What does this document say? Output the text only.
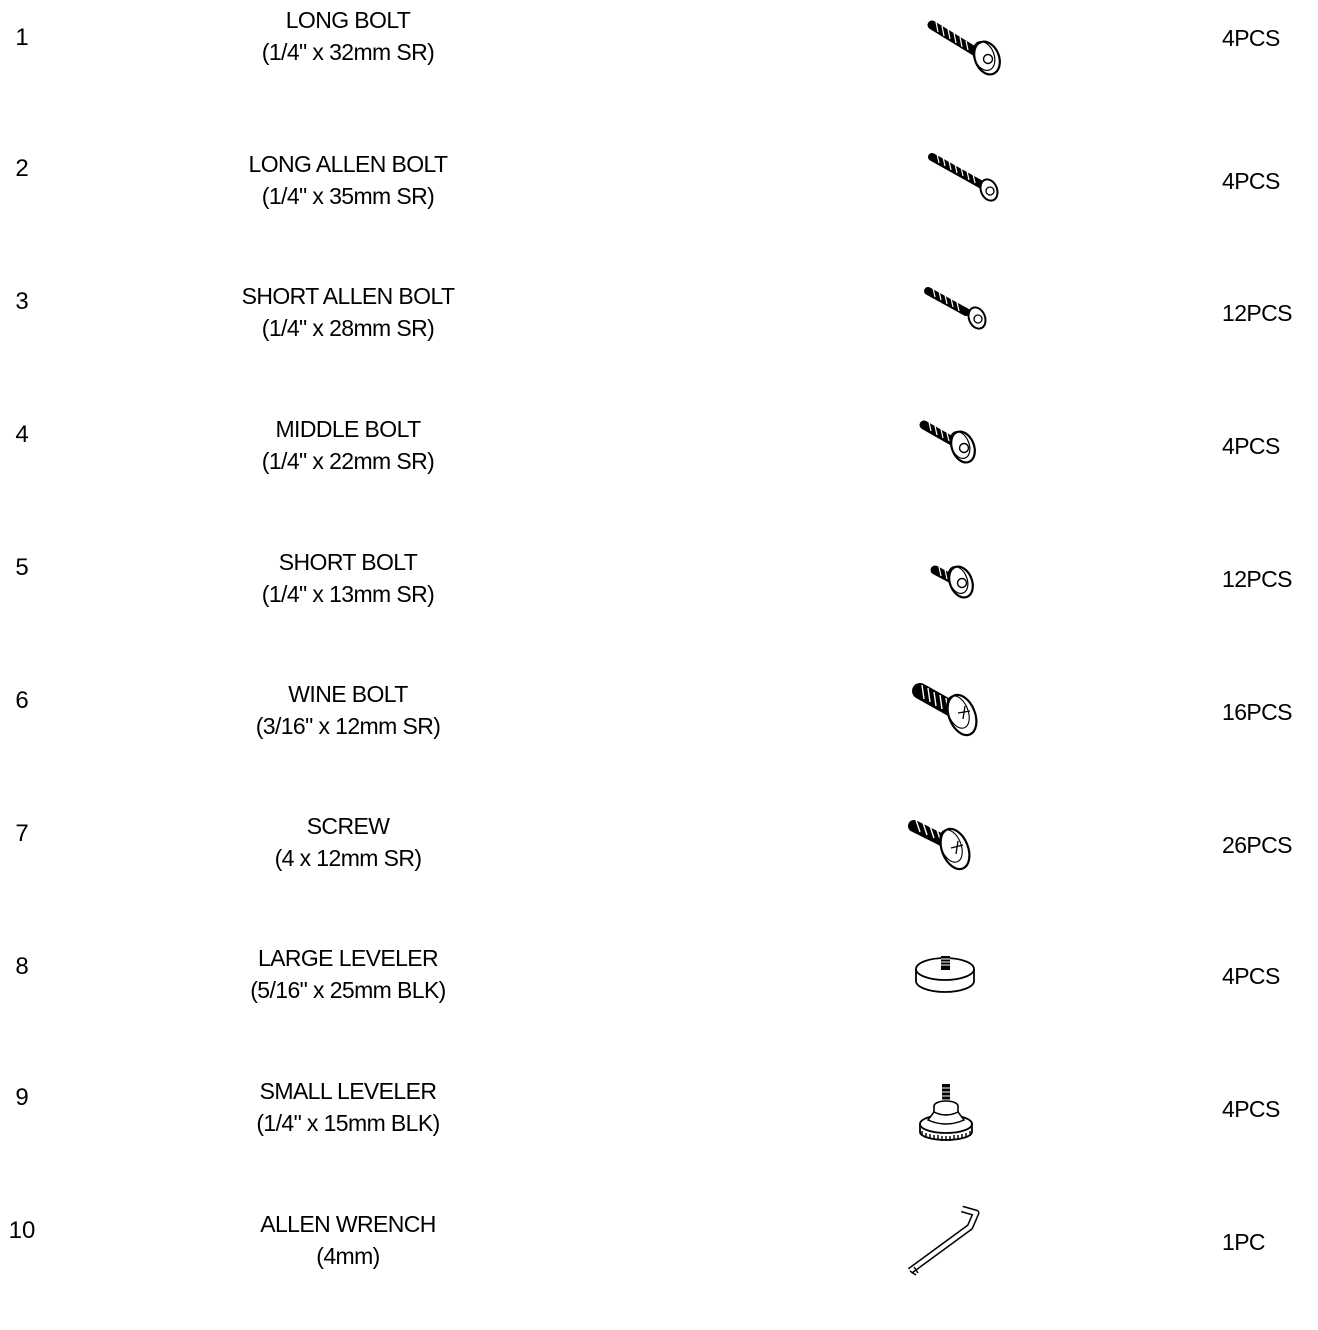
1
LONG BOLT
(1/4" x 32mm SR)
4PCS
2	LONG ALLEN BOLT
(1/4" x 35mm SR)
4PCS
3	SHORT ALLEN BOLT
(1/4" x 28mm SR)
12PCS
4	MIDDLE BOLT
(1/4" x 22mm SR)
4PCS
5	SHORT BOLT
(1/4" x 13mm SR)
12PCS
6	WINE BOLT
(3/16" x 12mm SR)
16PCS
7	SCREW
(4 x 12mm SR)	26PCS
8	LARGE LEVELER
(5/16" x 25mm BLK)
4PCS
9	SMALL LEVELER
(1/4" x 15mm BLK)
4PCS
10	ALLEN WRENCH
(4mm)
1PC
